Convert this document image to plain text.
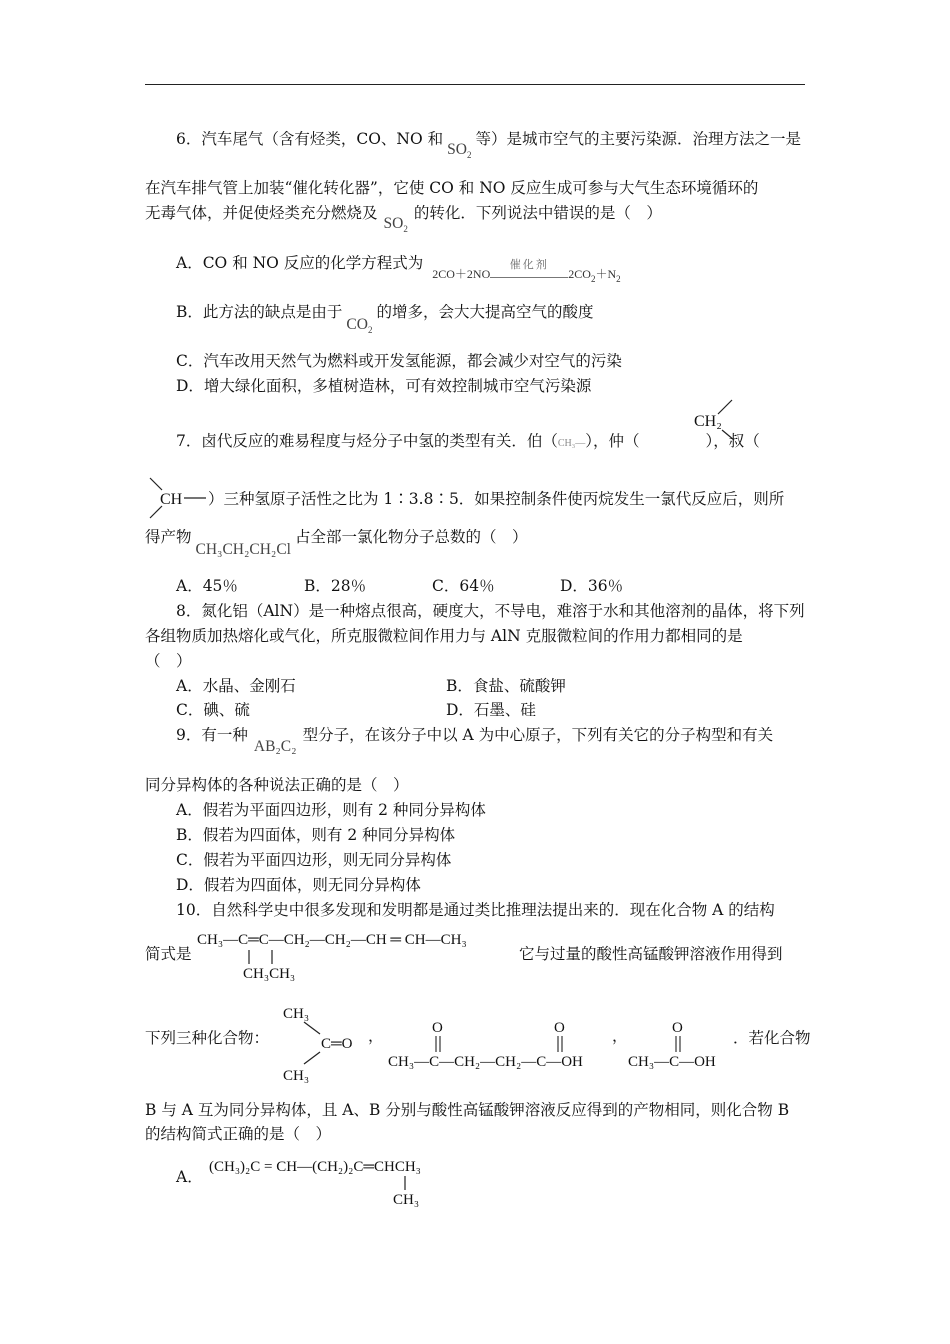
6．汽车尾气（含有烃类，CO、NO 和$SO_2$等）是城市空气的主要污染源．治理方法之一是
在汽车排气管上加装“催化转化器”，它使 CO 和 NO 反应生成可参与大气生态环境循环的
无毒气体，并促使烃类充分燃烧及$SO_2$的转化．下列说法中错误的是（　）
A．CO 和 NO 反应的化学方程式为 $_{2CO+2NO 催化剂 2CO_2+N_2}$
B．此方法的缺点是由于$CO_2$的增多，会大大提高空气的酸度
C．汽车改用天然气为燃料或开发氢能源，都会减少对空气的污染
D．增大绿化面积，多植树造林，可有效控制城市空气污染源
7．卤代反应的难易程度与烃分子中氢的类型有关．伯（CH₃—），仲（	），叔（
CH₂
CH ）三种氢原子活性之比为 1∶3.8∶5．如果控制条件使丙烷发生一氯代反应后，则所
得产物CH₃CH₂CH₂Cl占全部一氯化物分子总数的（　）
A．45％	B．28％	C．64％	D．36％
8．氮化铝（AlN）是一种熔点很高，硬度大，不导电，难溶于水和其他溶剂的晶体，将下列
各组物质加热熔化或气化，所克服微粒间作用力与 AlN 克服微粒间的作用力都相同的是
（　）
A．水晶、金刚石	B．食盐、硫酸钾
C．碘、硫	D．石墨、硅
9．有一种AB₂C₂型分子，在该分子中以 A 为中心原子，下列有关它的分子构型和有关
同分异构体的各种说法正确的是（　）
A．假若为平面四边形，则有 2 种同分异构体
B．假若为四面体，则有 2 种同分异构体
C．假若为平面四边形，则无同分异构体
D．假若为四面体，则无同分异构体
10．自然科学史中很多发现和发明都是通过类比推理法提出来的．现在化合物 A 的结构
简式是
CH₃—C═C—CH₂—CH₂—CH ═ CH—CH₃
CH₃CH₃
它与过量的酸性高锰酸钾溶液作用得到
下列三种化合物：
CH₃
C═O
CH₃
，	O	O
CH₃—C—CH₂—CH₂—C—OH
，	O
CH₃—C—OH
．若化合物
B 与 A 互为同分异构体，且 A、B 分别与酸性高锰酸钾溶液反应得到的产物相同，则化合物 B
的结构简式正确的是（　）
A．
(CH₃)₂C = CH—(CH₂)₂C═CHCH₃
CH₃
